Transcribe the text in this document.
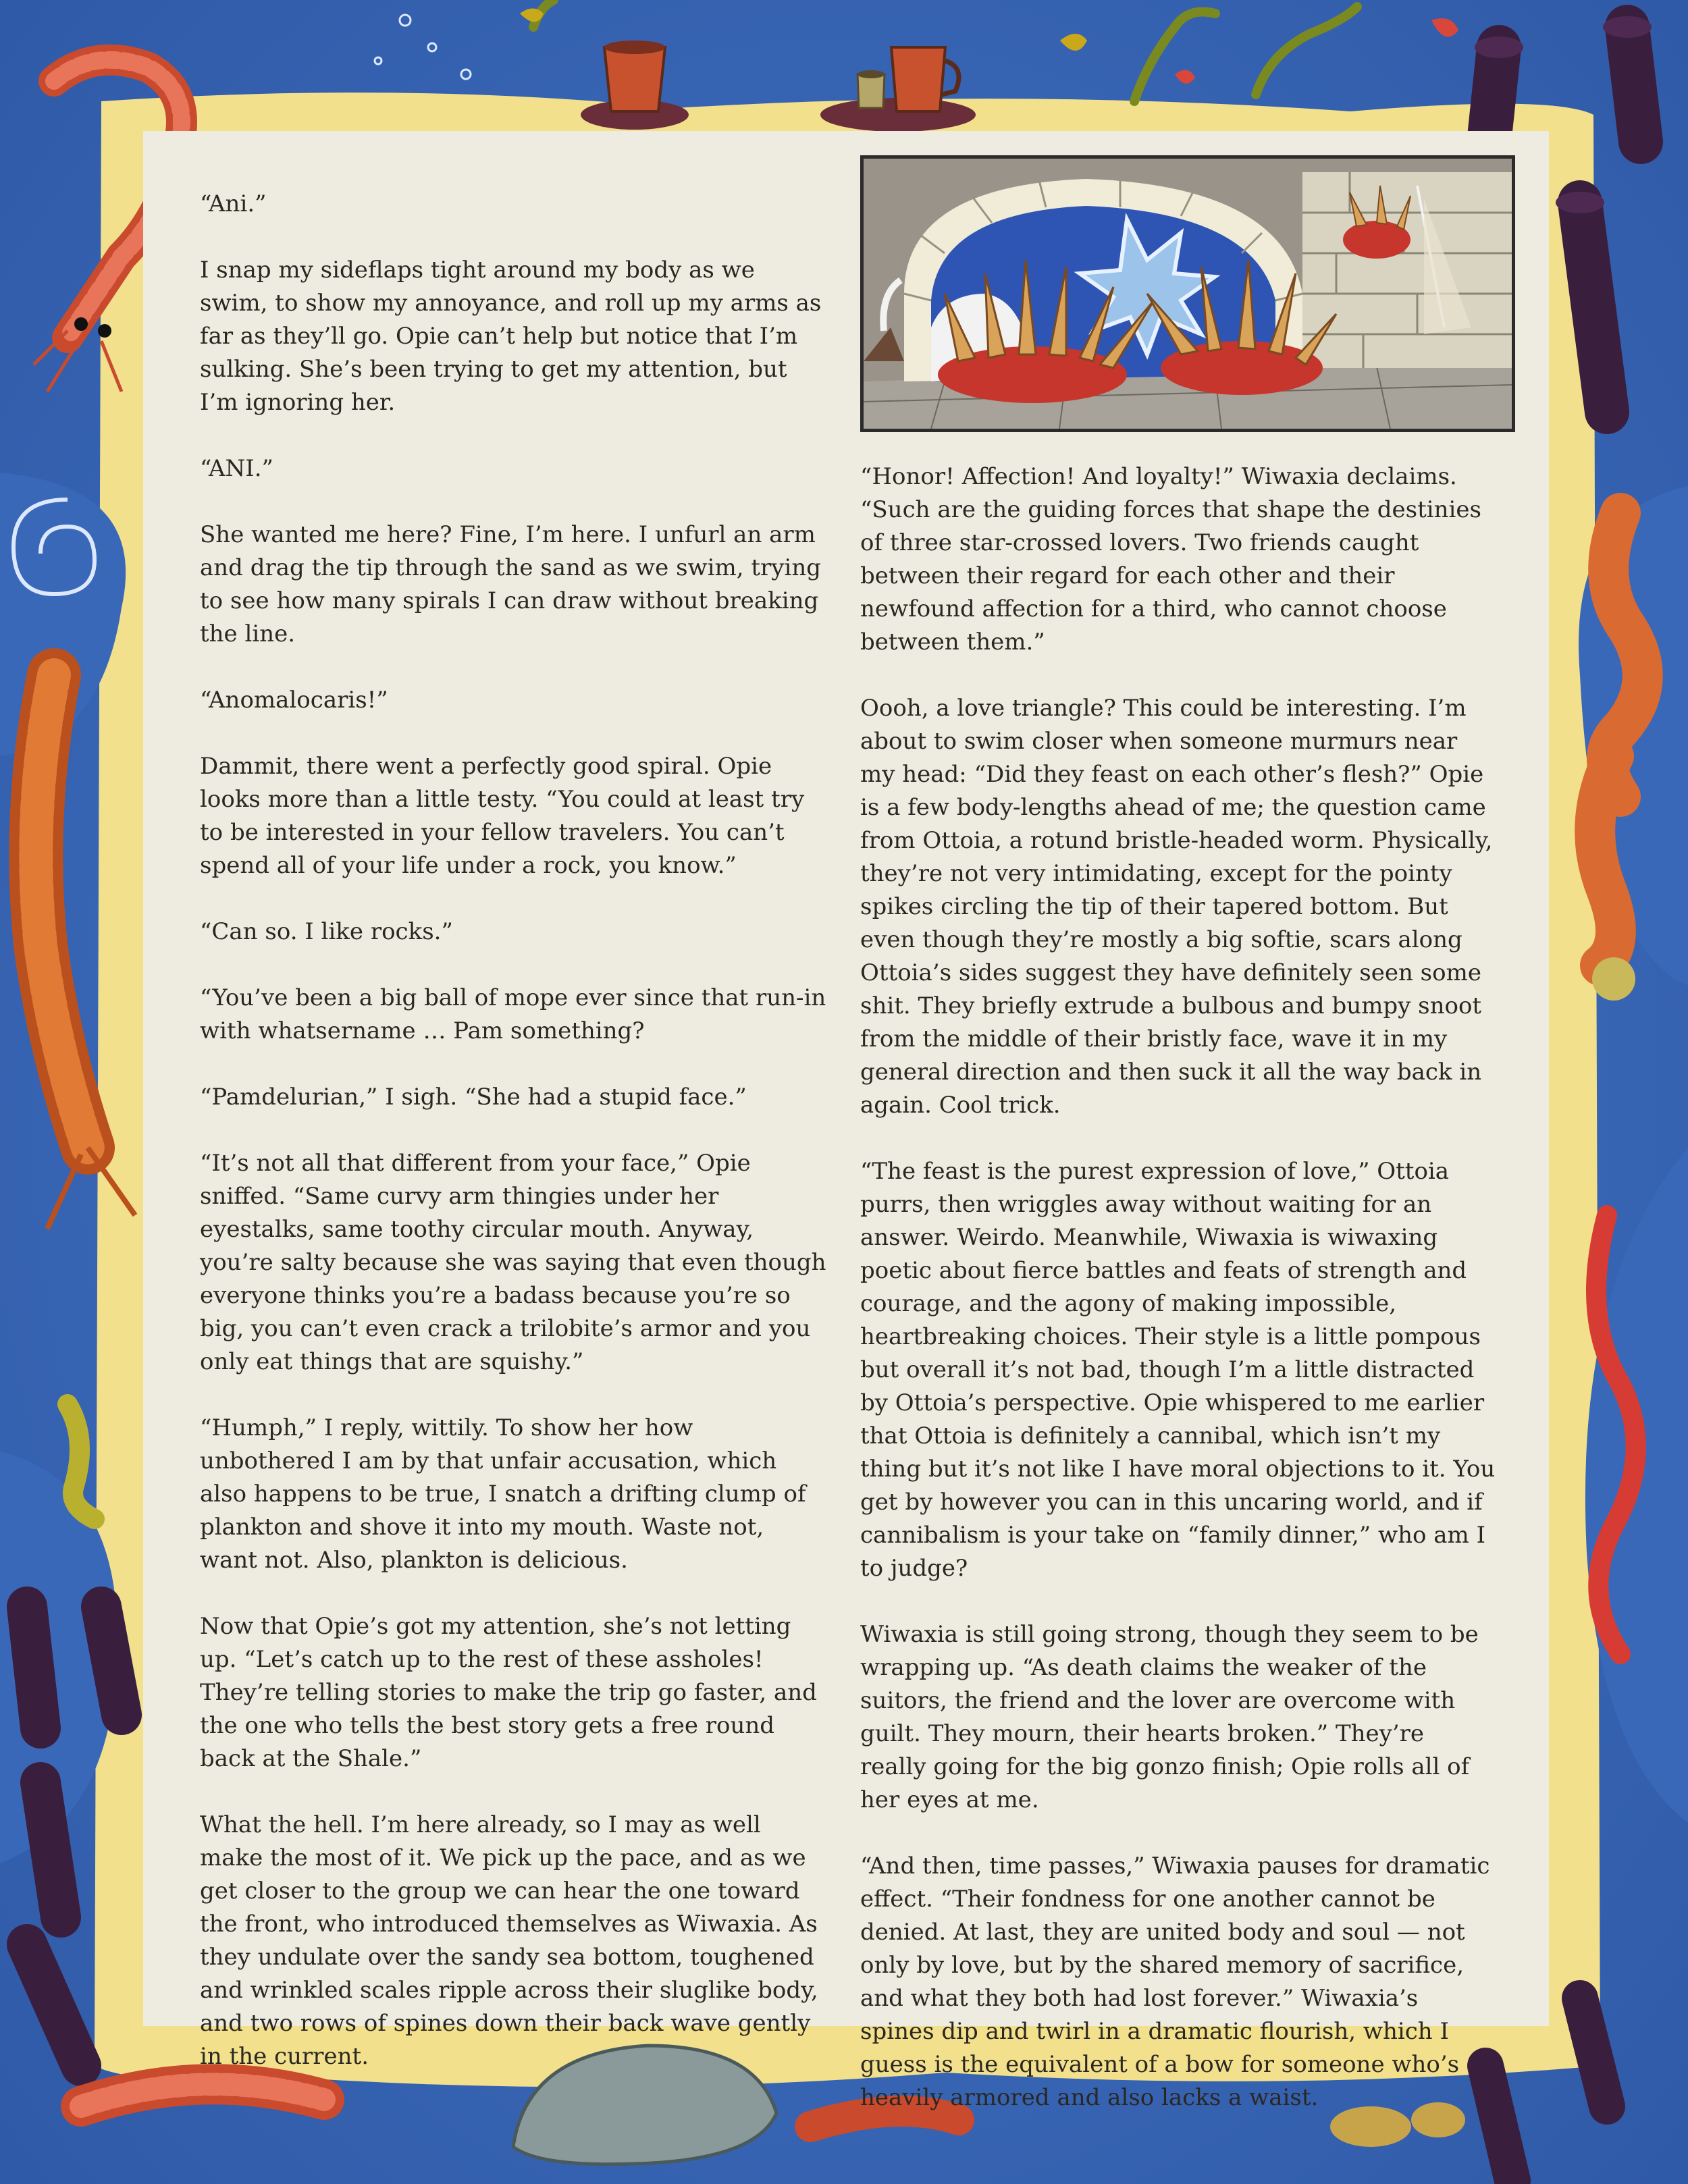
“Ani.”

I snap my sideflaps tight around my body as we swim, to show my annoyance, and roll up my arms as far as they’ll go. Opie can’t help but notice that I’m sulking. She’s been trying to get my attention, but I’m ignoring her.

“ANI.”

She wanted me here? Fine, I’m here. I unfurl an arm and drag the tip through the sand as we swim, trying to see how many spirals I can draw without breaking the line.

“Anomalocaris!”

Dammit, there went a perfectly good spiral. Opie looks more than a little testy. “You could at least try to be interested in your fellow travelers. You can’t spend all of your life under a rock, you know.”

“Can so. I like rocks.”

“You’ve been a big ball of mope ever since that run-in with whatsername … Pam something?

“Pamdelurian,” I sigh. “She had a stupid face.”

“It’s not all that different from your face,” Opie sniffed. “Same curvy arm thingies under her eyestalks, same toothy circular mouth. Anyway, you’re salty because she was saying that even though everyone thinks you’re a badass because you’re so big, you can’t even crack a trilobite’s armor and you only eat things that are squishy.”

“Humph,” I reply, wittily. To show her how unbothered I am by that unfair accusation, which also happens to be true, I snatch a drifting clump of plankton and shove it into my mouth. Waste not, want not. Also, plankton is delicious.

Now that Opie’s got my attention, she’s not letting up. “Let’s catch up to the rest of these assholes! They’re telling stories to make the trip go faster, and the one who tells the best story gets a free round back at the Shale.”

What the hell. I’m here already, so I may as well make the most of it. We pick up the pace, and as we get closer to the group we can hear the one toward the front, who introduced themselves as Wiwaxia. As they undulate over the sandy sea bottom, toughened and wrinkled scales ripple across their sluglike body, and two rows of spines down their back wave gently in the current.

“Honor! Affection! And loyalty!” Wiwaxia declaims. “Such are the guiding forces that shape the destinies of three star-crossed lovers. Two friends caught between their regard for each other and their newfound affection for a third, who cannot choose between them.”

Oooh, a love triangle? This could be interesting. I’m about to swim closer when someone murmurs near my head: “Did they feast on each other’s flesh?” Opie is a few body-lengths ahead of me; the question came from Ottoia, a rotund bristle-headed worm. Physically, they’re not very intimidating, except for the pointy spikes circling the tip of their tapered bottom. But even though they’re mostly a big softie, scars along Ottoia’s sides suggest they have definitely seen some shit. They briefly extrude a bulbous and bumpy snoot from the middle of their bristly face, wave it in my general direction and then suck it all the way back in again. Cool trick.

“The feast is the purest expression of love,” Ottoia purrs, then wriggles away without waiting for an answer. Weirdo. Meanwhile, Wiwaxia is wiwaxing poetic about fierce battles and feats of strength and courage, and the agony of making impossible, heartbreaking choices. Their style is a little pompous but overall it’s not bad, though I’m a little distracted by Ottoia’s perspective. Opie whispered to me earlier that Ottoia is definitely a cannibal, which isn’t my thing but it’s not like I have moral objections to it. You get by however you can in this uncaring world, and if cannibalism is your take on “family dinner,” who am I to judge?

Wiwaxia is still going strong, though they seem to be wrapping up. “As death claims the weaker of the suitors, the friend and the lover are overcome with guilt. They mourn, their hearts broken.” They’re really going for the big gonzo finish; Opie rolls all of her eyes at me.

“And then, time passes,” Wiwaxia pauses for dramatic effect. “Their fondness for one another cannot be denied. At last, they are united body and soul — not only by love, but by the shared memory of sacrifice, and what they both had lost forever.” Wiwaxia’s spines dip and twirl in a dramatic flourish, which I guess is the equivalent of a bow for someone who’s heavily armored and also lacks a waist.
